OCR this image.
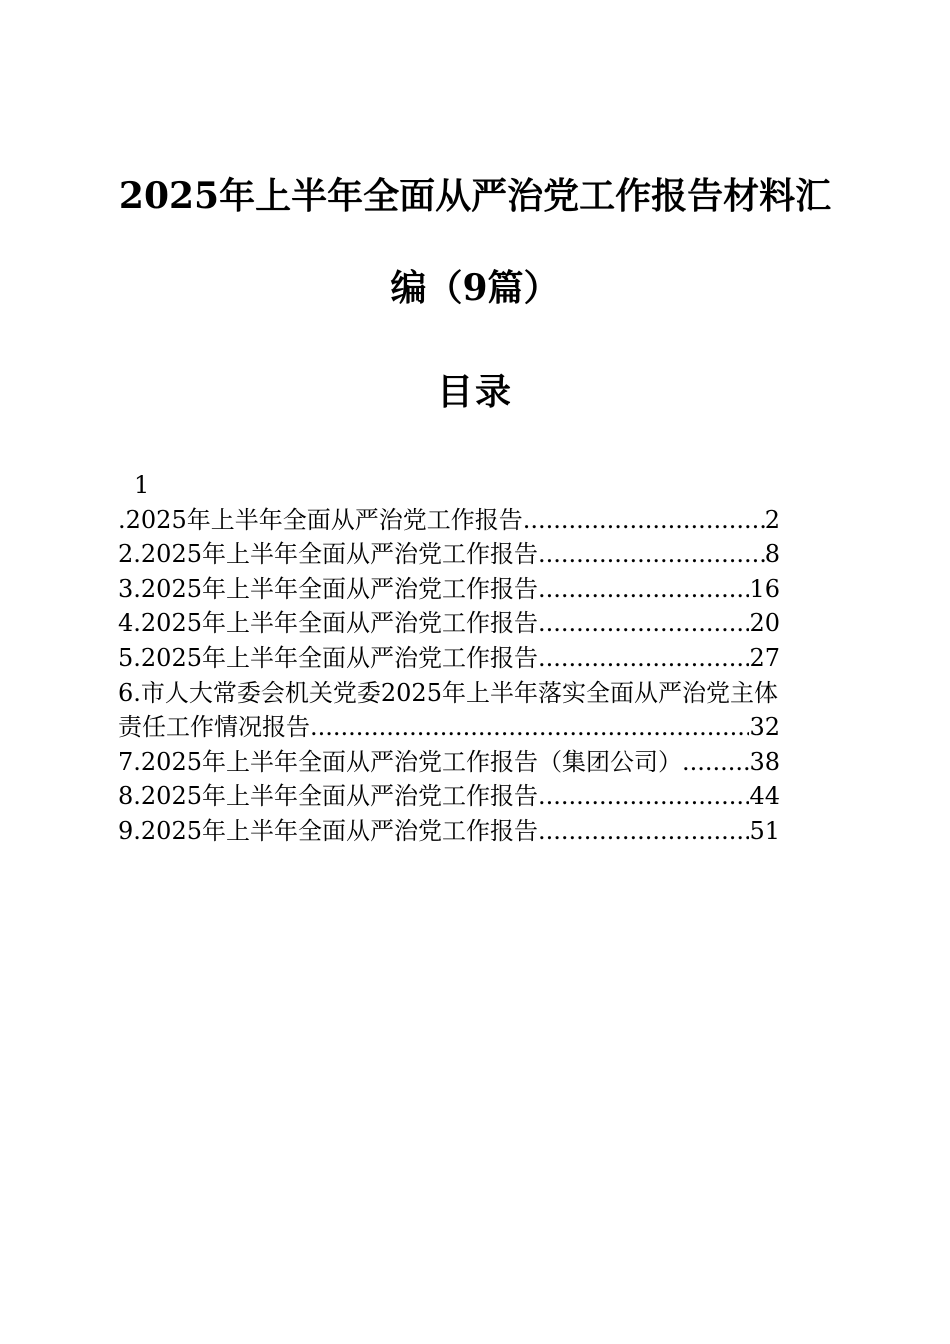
2025年上半年全面从严治党工作报告材料汇
编（9篇）
目录
1
.2025年上半年全面从严治党工作报告 .....	2
2.2025年上半年全面从严治党工作报告 .....	8
3.2025年上半年全面从严治党工作报告 .....	16
4.2025年上半年全面从严治党工作报告 .....	20
5.2025年上半年全面从严治党工作报告 .....	27
6.市人大常委会机关党委2025年上半年落实全面从严治党主体
责任工作情况报告 .....	32
7.2025年上半年全面从严治党工作报告（集团公司） .....	38
8.2025年上半年全面从严治党工作报告 .....	44
9.2025年上半年全面从严治党工作报告 .....	51
